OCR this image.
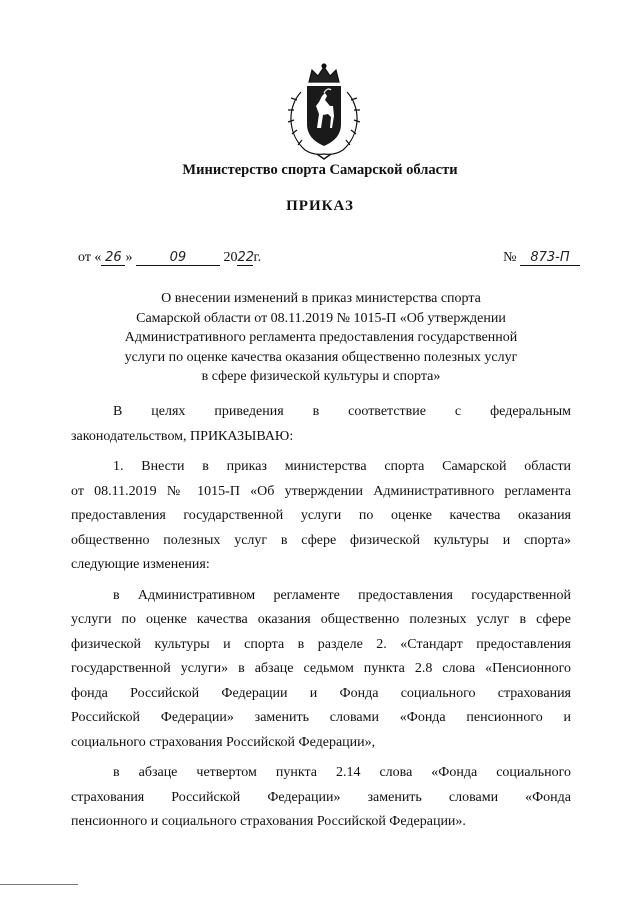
Министерство спорта Самарской области
ПРИКАЗ
от « 26 »	09	2022г.	№ 873-П
О внесении изменений в приказ министерства спорта
Самарской области от 08.11.2019 № 1015-П «Об утверждении
Административного регламента предоставления государственной
услуги по оценке качества оказания общественно полезных услуг
в сфере физической культуры и спорта»

В целях приведения в соответствие с федеральным

законодательством, ПРИКАЗЫВАЮ:

1. Внести в приказ министерства спорта Самарской области

от 08.11.2019 № 1015-П «Об утверждении Административного регламента

предоставления государственной услуги по оценке качества оказания

общественно полезных услуг в сфере физической культуры и спорта»

следующие изменения:

в Административном регламенте предоставления государственной

услуги по оценке качества оказания общественно полезных услуг в сфере

физической культуры и спорта в разделе 2. «Стандарт предоставления

государственной услуги» в абзаце седьмом пункта 2.8 слова «Пенсионного

фонда Российской Федерации и Фонда социального страхования

Российской Федерации» заменить словами «Фонда пенсионного и

социального страхования Российской Федерации»,

в абзаце четвертом пункта 2.14 слова «Фонда социального

страхования Российской Федерации» заменить словами «Фонда

пенсионного и социального страхования Российской Федерации».
